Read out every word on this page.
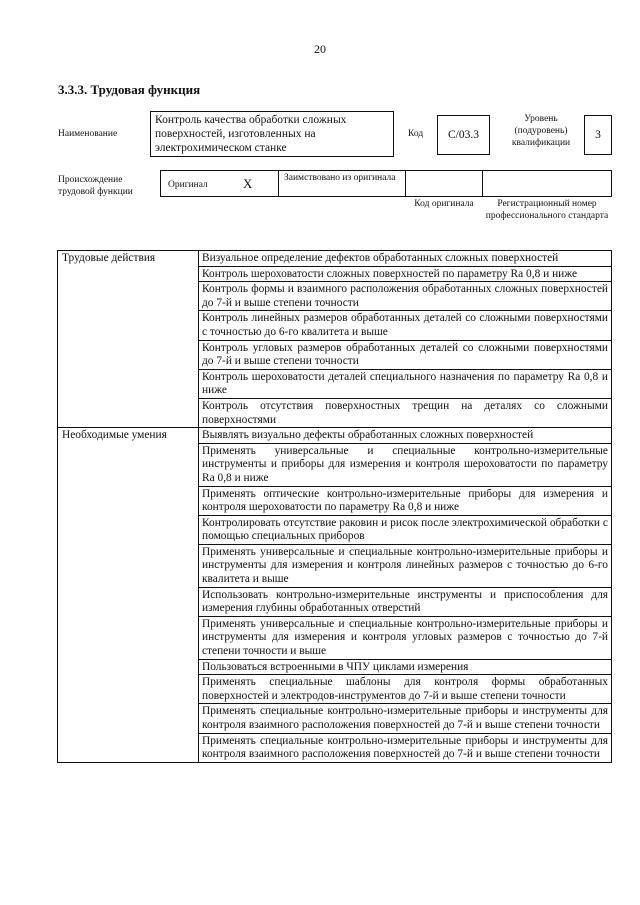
20
3.3.3. Трудовая функция
Наименование
Контроль качества обработки сложных поверхностей, изготовленных на электрохимическом станке
Код С/03.3
Уровень (подуровень) квалификации
3
Происхождение трудовой функции
Оригинал	X	Заимствовано из оригинала
Код оригинала	Регистрационный номер профессионального стандарта
Трудовые действия	Визуальное определение дефектов обработанных сложных поверхностей
	Контроль шероховатости сложных поверхностей по параметру Ra 0,8 и ниже
	Контроль формы и взаимного расположения обработанных сложных поверхностей до 7-й и выше степени точности
	Контроль линейных размеров обработанных деталей со сложными поверхностями с точностью до 6-го квалитета и выше
	Контроль угловых размеров обработанных деталей со сложными поверхностями до 7-й и выше степени точности
	Контроль шероховатости деталей специального назначения по параметру Ra 0,8 и ниже
	Контроль отсутствия поверхностных трещин на деталях со сложными поверхностями
Необходимые умения	Выявлять визуально дефекты обработанных сложных поверхностей
	Применять универсальные и специальные контрольно-измерительные инструменты и приборы для измерения и контроля шероховатости по параметру Ra 0,8 и ниже
	Применять оптические контрольно-измерительные приборы для измерения и контроля шероховатости по параметру Ra 0,8 и ниже
	Контролировать отсутствие раковин и рисок после электрохимической обработки с помощью специальных приборов
	Применять универсальные и специальные контрольно-измерительные приборы и инструменты для измерения и контроля линейных размеров с точностью до 6-го квалитета и выше
	Использовать контрольно-измерительные инструменты и приспособления для измерения глубины обработанных отверстий
	Применять универсальные и специальные контрольно-измерительные приборы и инструменты для измерения и контроля угловых размеров с точностью до 7-й степени точности и выше
	Пользоваться встроенными в ЧПУ циклами измерения
	Применять специальные шаблоны для контроля формы обработанных поверхностей и электродов-инструментов до 7-й и выше степени точности
	Применять специальные контрольно-измерительные приборы и инструменты для контроля взаимного расположения поверхностей до 7-й и выше степени точности
	Применять специальные контрольно-измерительные приборы и инструменты для контроля взаимного расположения поверхностей до 7-й и выше степени точности
